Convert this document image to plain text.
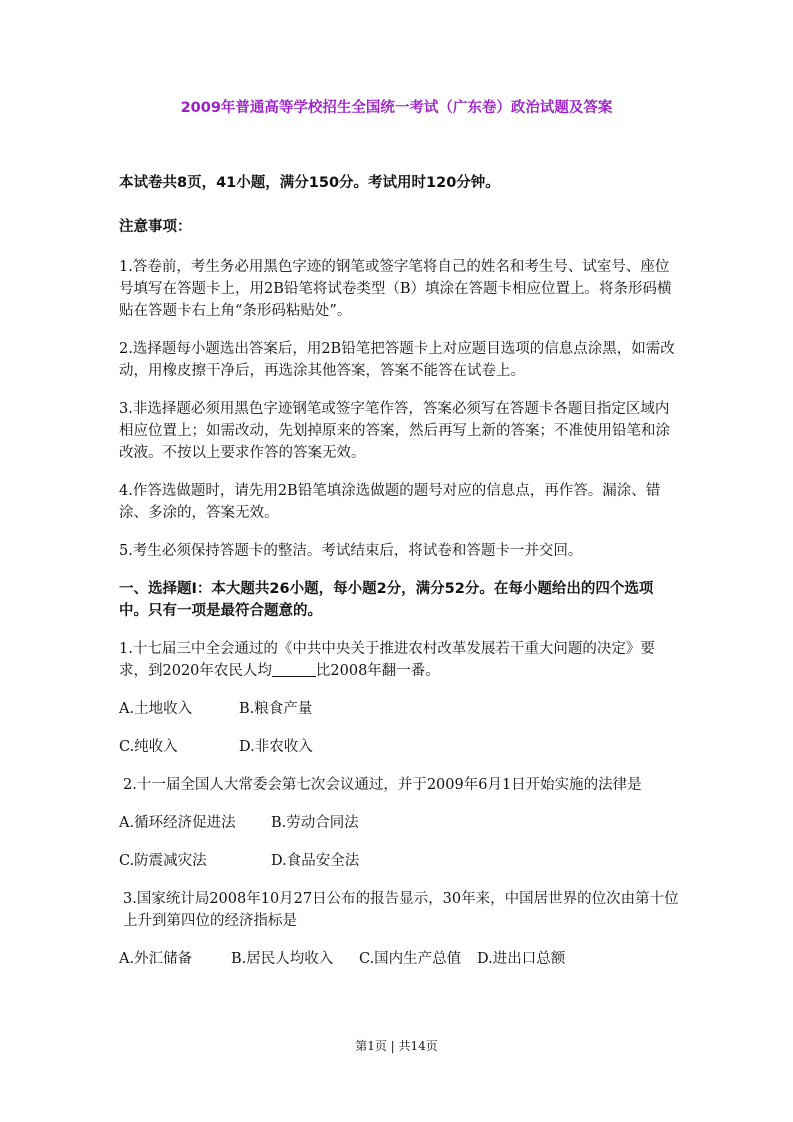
2009年普通高等学校招生全国统一考试（广东卷）政治试题及答案

本试卷共8页，41小题，满分150分。考试用时120分钟。

注意事项：

1.答卷前，考生务必用黑色字迹的钢笔或签字笔将自己的姓名和考生号、试室号、座位号填写在答题卡上，用2B铅笔将试卷类型（B）填涂在答题卡相应位置上。将条形码横贴在答题卡右上角“条形码粘贴处”。

2.选择题每小题选出答案后，用2B铅笔把答题卡上对应题目选项的信息点涂黑，如需改动，用橡皮擦干净后，再选涂其他答案，答案不能答在试卷上。

3.非选择题必须用黑色字迹钢笔或签字笔作答，答案必须写在答题卡各题目指定区域内相应位置上；如需改动，先划掉原来的答案，然后再写上新的答案；不准使用铅笔和涂改液。不按以上要求作答的答案无效。

4.作答选做题时，请先用2B铅笔填涂选做题的题号对应的信息点，再作答。漏涂、错涂、多涂的，答案无效。

5.考生必须保持答题卡的整洁。考试结束后，将试卷和答题卡一并交回。

一、选择题Ⅰ：本大题共26小题，每小题2分，满分52分。在每小题给出的四个选项中。只有一项是最符合题意的。

1.十七届三中全会通过的《中共中央关于推进农村改革发展若干重大问题的决定》要求，到2020年农民人均	比2008年翻一番。

A.土地收入	B.粮食产量
C.纯收入	D.非农收入

2.十一届全国人大常委会第七次会议通过，并于2009年6月1日开始实施的法律是

A.循环经济促进法 B.劳动合同法
C.防震减灾法	D.食品安全法

3.国家统计局2008年10月27日公布的报告显示，30年来，中国居世界的位次由第十位上升到第四位的经济指标是

A.外汇储备	B.居民人均收入 C.国内生产总值 D.进出口总额
第1页 | 共14页
